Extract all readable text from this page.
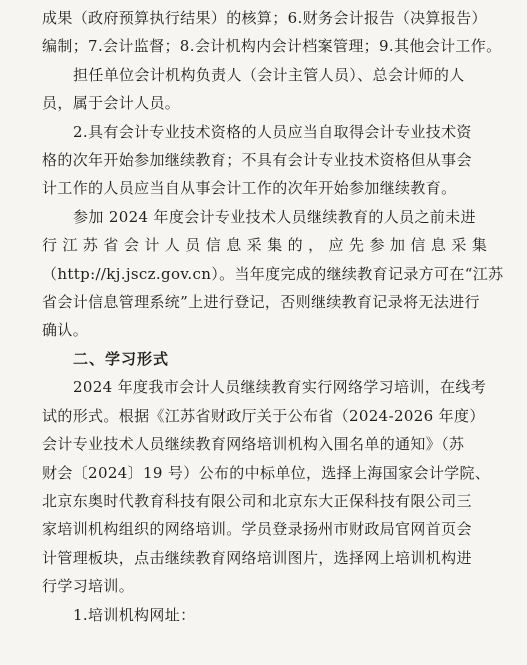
成果（政府预算执行结果）的核算；6.财务会计报告（决算报告）
编制；7.会计监督；8.会计机构内会计档案管理；9.其他会计工作。
担任单位会计机构负责人（会计主管人员）、总会计师的人
员，属于会计人员。
2.具有会计专业技术资格的人员应当自取得会计专业技术资
格的次年开始参加继续教育；不具有会计专业技术资格但从事会
计工作的人员应当自从事会计工作的次年开始参加继续教育。
参加 2024 年度会计专业技术人员继续教育的人员之前未进
行 江 苏 省 会 计 人 员 信 息 采 集 的 ， 应 先 参 加 信 息 采 集
（http://kj.jscz.gov.cn）。当年度完成的继续教育记录方可在“江苏
省会计信息管理系统”上进行登记，否则继续教育记录将无法进行
确认。
二、学习形式
2024 年度我市会计人员继续教育实行网络学习培训，在线考
试的形式。根据《江苏省财政厅关于公布省（2024-2026 年度）
会计专业技术人员继续教育网络培训机构入围名单的通知》（苏
财会〔2024〕19 号）公布的中标单位，选择上海国家会计学院、
北京东奥时代教育科技有限公司和北京东大正保科技有限公司三
家培训机构组织的网络培训。学员登录扬州市财政局官网首页会
计管理板块，点击继续教育网络培训图片，选择网上培训机构进
行学习培训。
1.培训机构网址：
